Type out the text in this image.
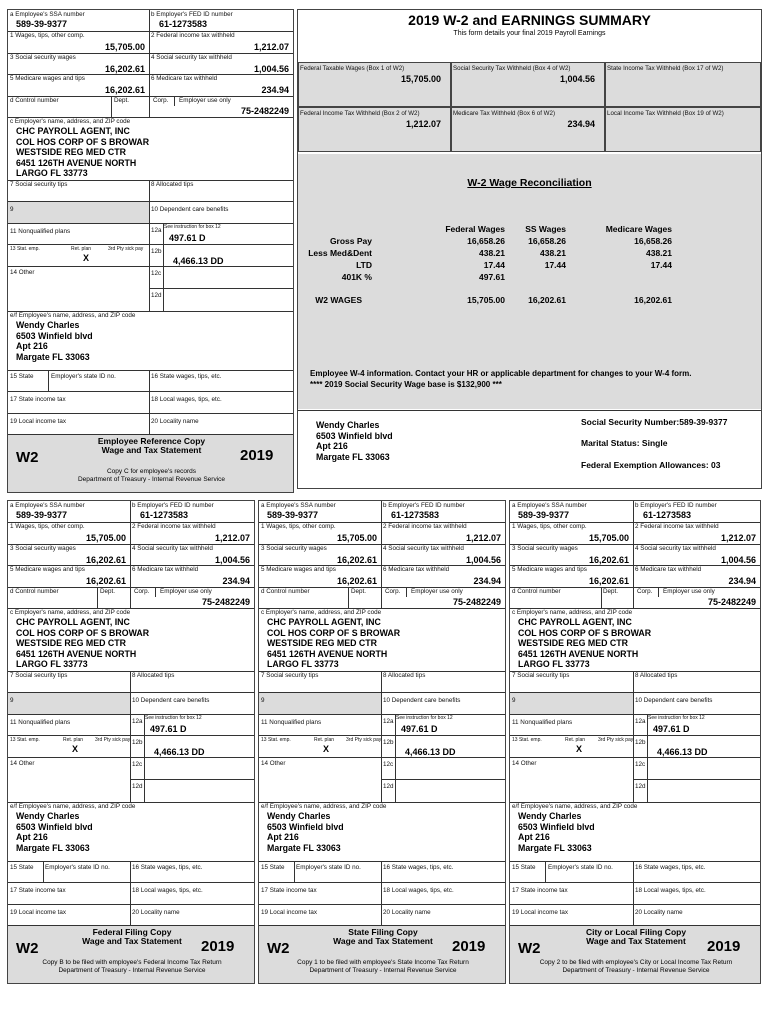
a Employee's SSA number	b Employer's FED ID number
589-39-9377	61-1273583
1 Wages, tips, other comp.	2 Federal income tax withheld
15,705.00	1,212.07
3 Social security wages	4 Social security tax withheld
16,202.61	1,004.56
5 Medicare wages and tips	6 Medicare tax withheld
16,202.61	234.94
d Control number	Dept.	Corp. Employer use only
75-2482249
c Employer's name, address, and ZIP code
CHC PAYROLL AGENT, INC
COL HOS CORP OF S BROWAR
WESTSIDE REG MED CTR
6451 126TH AVENUE NORTH
LARGO FL 33773
7 Social security tips	8 Allocated tips
9	10 Dependent care benefits
11 Nonqualified plans	12a See instruction for box 12
497.61 D
13 Stat. emp.	Ret. plan	3rd Pty sick pay
X
12b
4,466.13 DD
14 Other	12c
12d
e/f Employee's name, address, and ZIP code
Wendy Charles
6503 Winfield blvd
Apt 216
Margate FL 33063
15 State	Employer's state ID no.	16 State wages, tips, etc.
17 State income tax	18 Local wages, tips, etc.
19 Local income tax	20 Locality name
W2	2019
Employee Reference Copy
Wage and Tax Statement
Copy C for employee's records
Department of Treasury - Internal Revenue Service
a Employee's SSA number	b Employer's FED ID number
589-39-9377	61-1273583
1 Wages, tips, other comp.	2 Federal income tax withheld
15,705.00	1,212.07
3 Social security wages	4 Social security tax withheld
16,202.61	1,004.56
5 Medicare wages and tips	6 Medicare tax withheld
16,202.61	234.94
d Control number	Dept.	Corp. Employer use only
75-2482249
c Employer's name, address, and ZIP code
CHC PAYROLL AGENT, INC
COL HOS CORP OF S BROWAR
WESTSIDE REG MED CTR
6451 126TH AVENUE NORTH
LARGO FL 33773
7 Social security tips	8 Allocated tips
9	10 Dependent care benefits
11 Nonqualified plans	12a See instruction for box 12
497.61 D
13 Stat. emp.	Ret. plan 3rd Pty sick pay
X
12b
4,466.13 DD
14 Other	12c
12d
e/f Employee's name, address, and ZIP code
Wendy Charles
6503 Winfield blvd
Apt 216
Margate FL 33063
15 State Employer's state ID no.	16 State wages, tips, etc.
17 State income tax	18 Local wages, tips, etc.
19 Local income tax	20 Locality name
W2	2019
Federal Filing Copy
Wage and Tax Statement
Copy B to be filed with employee's Federal Income Tax Return
Department of Treasury - Internal Revenue Service
a Employee's SSA number	b Employer's FED ID number
589-39-9377	61-1273583
1 Wages, tips, other comp.	2 Federal income tax withheld
15,705.00	1,212.07
3 Social security wages	4 Social security tax withheld
16,202.61	1,004.56
5 Medicare wages and tips	6 Medicare tax withheld
16,202.61	234.94
d Control number	Dept.	Corp. Employer use only
75-2482249
c Employer's name, address, and ZIP code
CHC PAYROLL AGENT, INC
COL HOS CORP OF S BROWAR
WESTSIDE REG MED CTR
6451 126TH AVENUE NORTH
LARGO FL 33773
7 Social security tips	8 Allocated tips
9	10 Dependent care benefits
11 Nonqualified plans	12a See instruction for box 12
497.61 D
13 Stat. emp.	Ret. plan 3rd Pty sick pay
X
12b
4,466.13 DD
14 Other	12c
12d
e/f Employee's name, address, and ZIP code
Wendy Charles
6503 Winfield blvd
Apt 216
Margate FL 33063
15 State Employer's state ID no.	16 State wages, tips, etc.
17 State income tax	18 Local wages, tips, etc.
19 Local income tax	20 Locality name
W2	2019
State Filing Copy
Wage and Tax Statement
Copy 1 to be filed with employee's State Income Tax Return
Department of Treasury - Internal Revenue Service
a Employee's SSA number	b Employer's FED ID number
589-39-9377	61-1273583
1 Wages, tips, other comp.	2 Federal income tax withheld
15,705.00	1,212.07
3 Social security wages	4 Social security tax withheld
16,202.61	1,004.56
5 Medicare wages and tips	6 Medicare tax withheld
16,202.61	234.94
d Control number	Dept.	Corp. Employer use only
75-2482249
c Employer's name, address, and ZIP code
CHC PAYROLL AGENT, INC
COL HOS CORP OF S BROWAR
WESTSIDE REG MED CTR
6451 126TH AVENUE NORTH
LARGO FL 33773
7 Social security tips	8 Allocated tips
9	10 Dependent care benefits
11 Nonqualified plans	12a See instruction for box 12
497.61 D
13 Stat. emp.	Ret. plan	3rd Pty sick pay
X
12b
4,466.13 DD
14 Other	12c
12d
e/f Employee's name, address, and ZIP code
Wendy Charles
6503 Winfield blvd
Apt 216
Margate FL 33063
15 State Employer's state ID no.	16 State wages, tips, etc.
17 State income tax	18 Local wages, tips, etc.
19 Local income tax	20 Locality name
W2	2019
City or Local Filing Copy
Wage and Tax Statement
Copy 2 to be filed with employee's City or Local Income Tax Return
Department of Treasury - Internal Revenue Service
2019 W-2 and EARNINGS SUMMARY
This form details your final 2019 Payroll Earnings
Federal Taxable Wages (Box 1 of W2)
15,705.00
Social Security Tax Withheld (Box 4 of W2)
1,004.56
State Income Tax Withheld (Box 17 of W2)
Federal Income Tax Withheld (Box 2 of W2)
1,212.07
Medicare Tax Withheld (Box 6 of W2)
234.94
Local Income Tax Withheld (Box 19 of W2)
W-2 Wage Reconciliation
Federal Wages	SS Wages	Medicare Wages
Gross Pay	16,658.26	16,658.26	16,658.26
Less Med&Dent	438.21	438.21	438.21
LTD	17.44	17.44	17.44
401K %	497.61
W2 WAGES	15,705.00	16,202.61	16,202.61
Employee W-4 information. Contact your HR or applicable department for changes to your W-4 form.
**** 2019 Social Security Wage base is $132,900 ***
Wendy Charles
6503 Winfield blvd
Apt 216
Margate FL 33063
Social Security Number:589-39-9377
Marital Status: Single
Federal Exemption Allowances: 03
